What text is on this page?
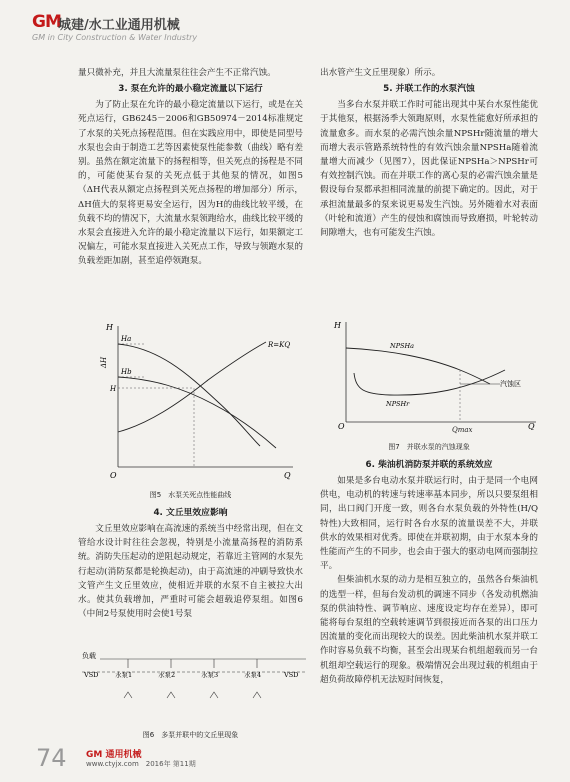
GM
城建/水工业通用机械
GM in City Construction & Water Industry

量只微补充，并且大流量泵往往会产生不正常汽蚀。

3. 泵在允许的最小稳定流量以下运行

为了防止泵在允许的最小稳定流量以下运行，或是在关死点运行，GB6245－2006和GB50974－2014标准规定了水泵的关死点扬程范围。但在实践应用中，即使是同型号水泵也会由于制造工艺等因素使泵性能参数（曲线）略有差别。虽然在额定流量下的扬程相等，但关死点的扬程是不同的，可能使某台泵的关死点低于其他泵的情况，如图5（ΔH代表从额定点扬程到关死点扬程的增加部分）所示，ΔH值大的泵将更易安全运行，因为H的曲线比较平缓，在负载不均的情况下，大流量水泵领跑给水，曲线比较平缓的水泵会直接进入允许的最小稳定流量以下运行，如果额定工况偏左，可能水泵直接进入关死点工作，导致与领跑水泵的负载差距加剧，甚至追停领跑泵。

H
Q
O
Ha
Hb
H
ΔH
R=KQ
图5　水泵关死点性能曲线
4. 文丘里效应影响

文丘里效应影响在高流速的系统当中经常出现，但在文管给水设计时往往会忽视，特别是小流量高扬程的消防系统。消防失压起动的逆阻起动规定，若靠近主管网的水泵先行起动(消防泵都是轮换起动)，由于高流速的冲刷导致快水文管产生文丘里效应，使相近并联的水泵不自主被拉大出水。使其负载增加，严重时可能会超载追停泵组。如图6（中间2号泵使用时会使1号泵

负载
VSD	VSD
水泵1	水泵2	水泵3	水泵4
图6　多泵并联中的文丘里现象

出水管产生文丘里现象）所示。

5. 并联工作的水泵汽蚀

当多台水泵并联工作时可能出现其中某台水泵性能优于其他泵，根据汤季大领跑原则，水泵性能愈好所承担的流量愈多。而水泵的必需汽蚀余量NPSHr随流量的增大而增大表示管路系统特性的有效汽蚀余量NPSHa随着流量增大而减少（见图7），因此保证NPSHa＞NPSHr可有效控制汽蚀。而在并联工作的离心泵的必需汽蚀余量是假设每台泵都承担相同流量的前提下确定的。因此，对于承担流量最多的泵来说更易发生汽蚀。另外随着水对表面（叶轮和流道）产生的侵蚀和腐蚀而导致磨损，叶轮转动间隙增大，也有可能发生汽蚀。

H
Q
O
NPSHa
NPSHr
汽蚀区
Qmax
图7　并联水泵的汽蚀现象
6. 柴油机消防泵并联的系统效应

如果是多台电动水泵并联运行时，由于是同一个电网供电，电动机的转速与转速率基本同步，所以只要泵组相同，出口阀门开度一致，则各台水泵负载的外特性(H/Q特性)大致相同，运行时各台水泵的流量误差不大，并联供水的效果相对优秀。即使在并联初期，由于水泵本身的性能而产生的不同步，也会由于强大的驱动电网而强制拉平。

但柴油机水泵的动力是相互独立的，虽然各台柴油机的选型一样，但每台发动机的调速不同步（各发动机燃油泵的供油特性、调节响应、速度设定均存在差异），即可能将每台泵组的空载转速调节到很接近而各泵的出口压力因流量的变化而出现较大的误差。因此柴油机水泵并联工作时容易负载不均衡，甚至会出现某台机组超载而另一台机组却空载运行的现象。极端情况会出现过载的机组由于超负荷故障停机无法短时间恢复，

74 GM 通用机械
www.ctyjx.com　2016年 第11期
